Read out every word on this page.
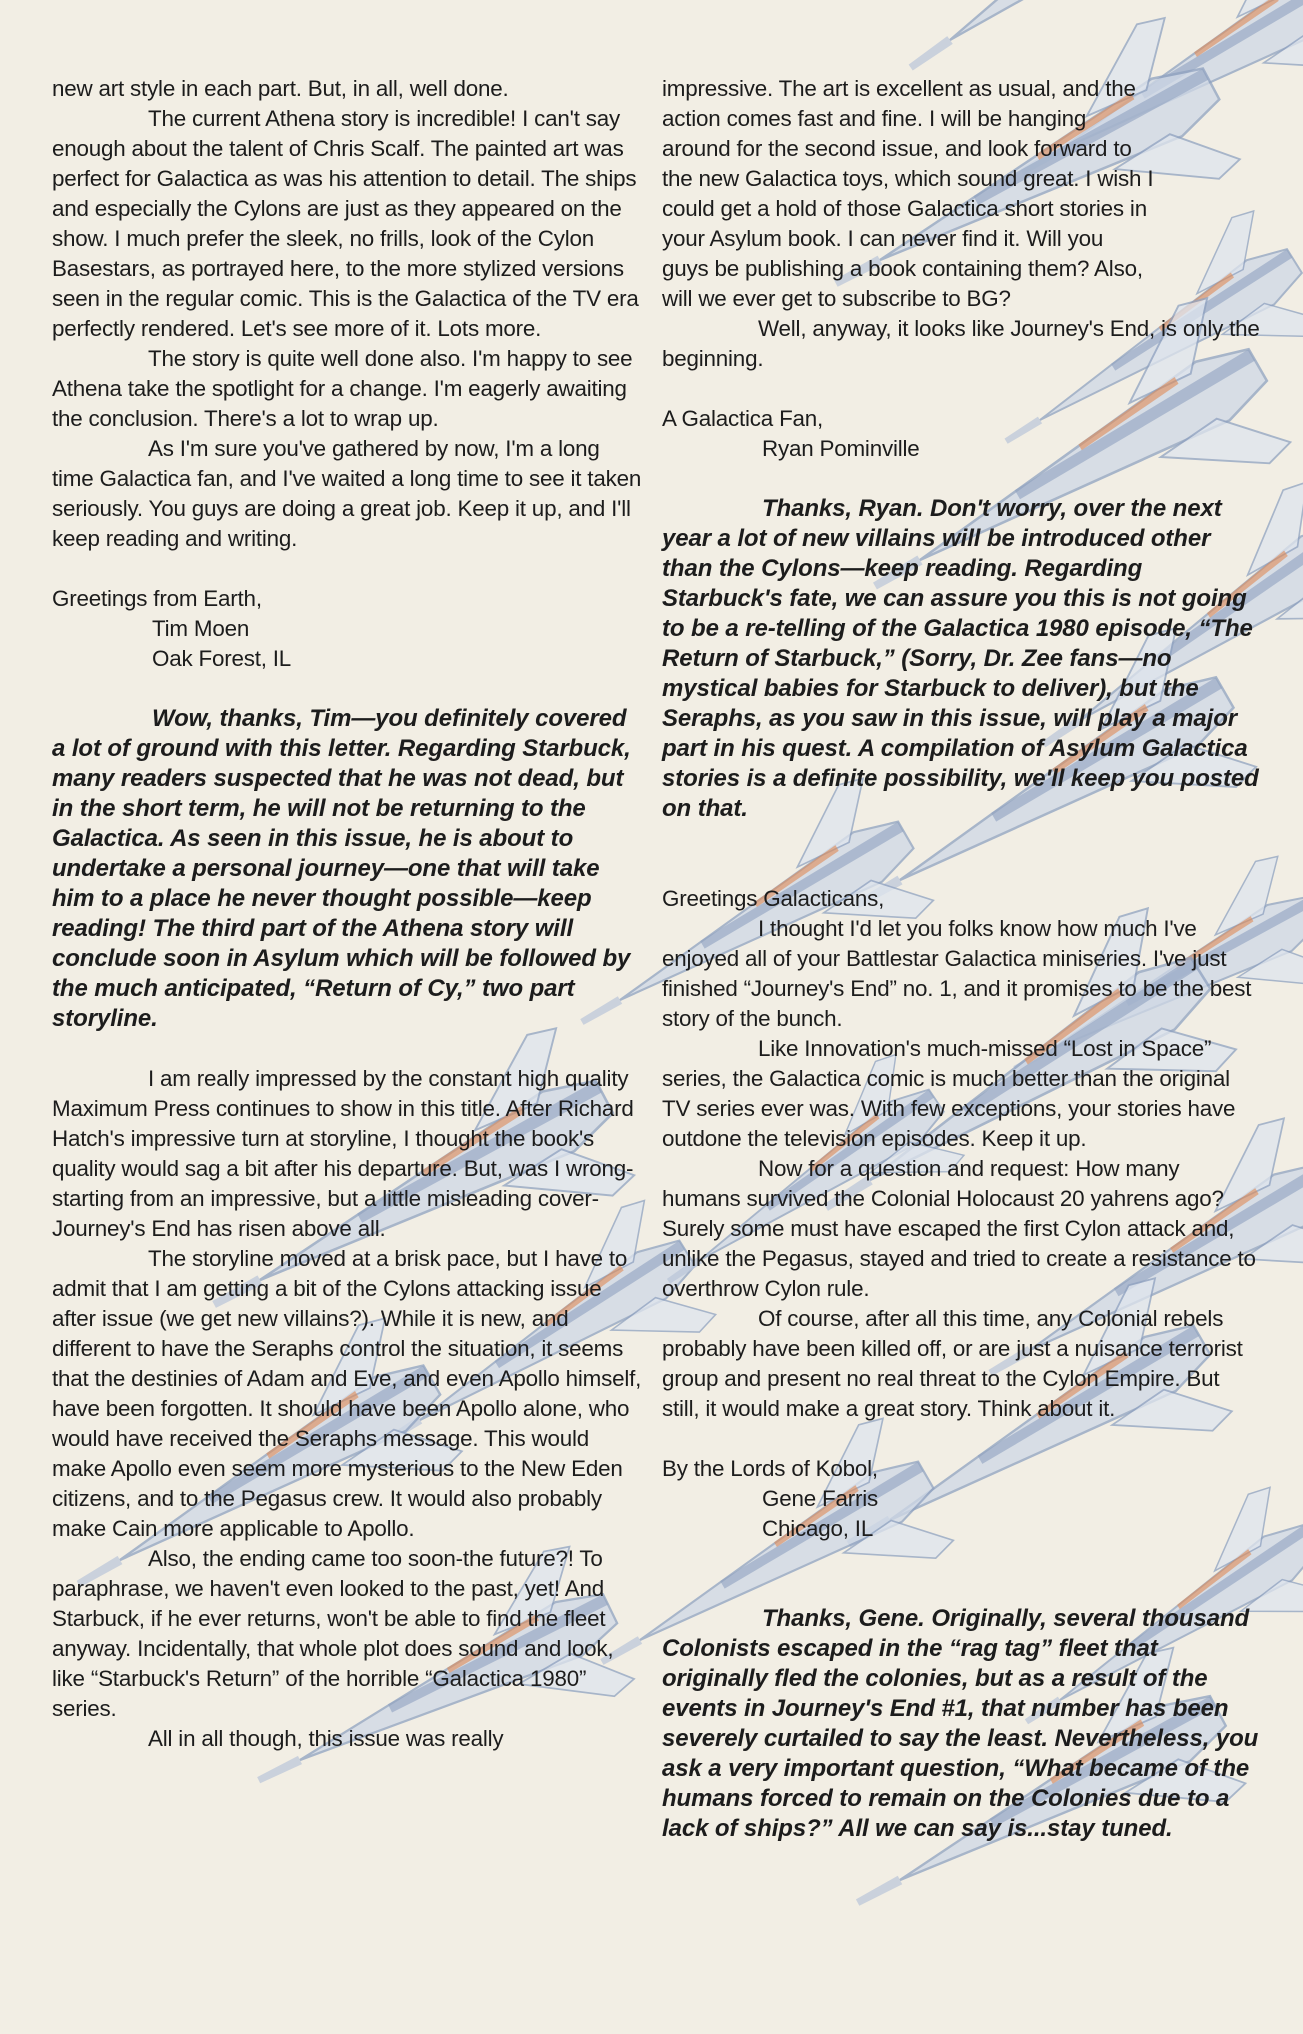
new art style in each part. But, in all, well done.

The current Athena story is incredible! I can't say enough about the talent of Chris Scalf. The painted art was perfect for Galactica as was his attention to detail. The ships and especially the Cylons are just as they appeared on the show. I much prefer the sleek, no frills, look of the Cylon Basestars, as portrayed here, to the more stylized versions seen in the regular comic. This is the Galactica of the TV era perfectly rendered. Let's see more of it. Lots more.

The story is quite well done also. I'm happy to see Athena take the spotlight for a change. I'm eagerly awaiting the conclusion. There's a lot to wrap up.

As I'm sure you've gathered by now, I'm a long time Galactica fan, and I've waited a long time to see it taken seriously. You guys are doing a great job. Keep it up, and I'll keep reading and writing.

Greetings from Earth,

Tim Moen

Oak Forest, IL

Wow, thanks, Tim—you definitely covered a lot of ground with this letter. Regarding Starbuck, many readers suspected that he was not dead, but in the short term, he will not be returning to the Galactica. As seen in this issue, he is about to undertake a personal journey—one that will take him to a place he never thought possible—keep reading! The third part of the Athena story will conclude soon in Asylum which will be followed by the much anticipated, “Return of Cy,” two part storyline.

I am really impressed by the constant high quality Maximum Press continues to show in this title. After Richard Hatch's impressive turn at storyline, I thought the book's quality would sag a bit after his departure. But, was I wrong-starting from an impressive, but a little misleading cover- Journey's End has risen above all.

The storyline moved at a brisk pace, but I have to admit that I am getting a bit of the Cylons attacking issue after issue (we get new villains?). While it is new, and different to have the Seraphs control the situation, it seems that the destinies of Adam and Eve, and even Apollo himself, have been forgotten. It should have been Apollo alone, who would have received the Seraphs message. This would make Apollo even seem more mysterious to the New Eden citizens, and to the Pegasus crew. It would also probably make Cain more applicable to Apollo.

Also, the ending came too soon-the future?! To paraphrase, we haven't even looked to the past, yet! And Starbuck, if he ever returns, won't be able to find the fleet anyway. Incidentally, that whole plot does sound and look, like “Starbuck's Return” of the horrible “Galactica 1980” series.

All in all though, this issue was really

impressive. The art is excellent as usual, and the

action comes fast and fine. I will be hanging

around for the second issue, and look forward to

the new Galactica toys, which sound great. I wish I

could get a hold of those Galactica short stories in

your Asylum book. I can never find it. Will you

guys be publishing a book containing them? Also,

will we ever get to subscribe to BG?

Well, anyway, it looks like Journey's End, is only the beginning.

A Galactica Fan,

Ryan Pominville

Thanks, Ryan. Don't worry, over the next year a lot of new villains will be introduced other than the Cylons—keep reading. Regarding Starbuck's fate, we can assure you this is not going to be a re-telling of the Galactica 1980 episode, “The Return of Starbuck,” (Sorry, Dr. Zee fans—no mystical babies for Starbuck to deliver), but the Seraphs, as you saw in this issue, will play a major part in his quest. A compilation of Asylum Galactica stories is a definite possibility, we'll keep you posted on that.

Greetings Galacticans,

I thought I'd let you folks know how much I've enjoyed all of your Battlestar Galactica miniseries. I've just finished “Journey's End” no. 1, and it promises to be the best story of the bunch.

Like Innovation's much-missed “Lost in Space” series, the Galactica comic is much better than the original TV series ever was. With few exceptions, your stories have outdone the television episodes. Keep it up.

Now for a question and request: How many humans survived the Colonial Holocaust 20 yahrens ago? Surely some must have escaped the first Cylon attack and, unlike the Pegasus, stayed and tried to create a resistance to overthrow Cylon rule.

Of course, after all this time, any Colonial rebels probably have been killed off, or are just a nuisance terrorist group and present no real threat to the Cylon Empire. But still, it would make a great story. Think about it.

By the Lords of Kobol,

Gene Farris

Chicago, IL

Thanks, Gene. Originally, several thousand Colonists escaped in the “rag tag” fleet that originally fled the colonies, but as a result of the events in Journey's End #1, that number has been severely curtailed to say the least. Nevertheless, you ask a very important question, “What became of the humans forced to remain on the Colonies due to a lack of ships?” All we can say is...stay tuned.
